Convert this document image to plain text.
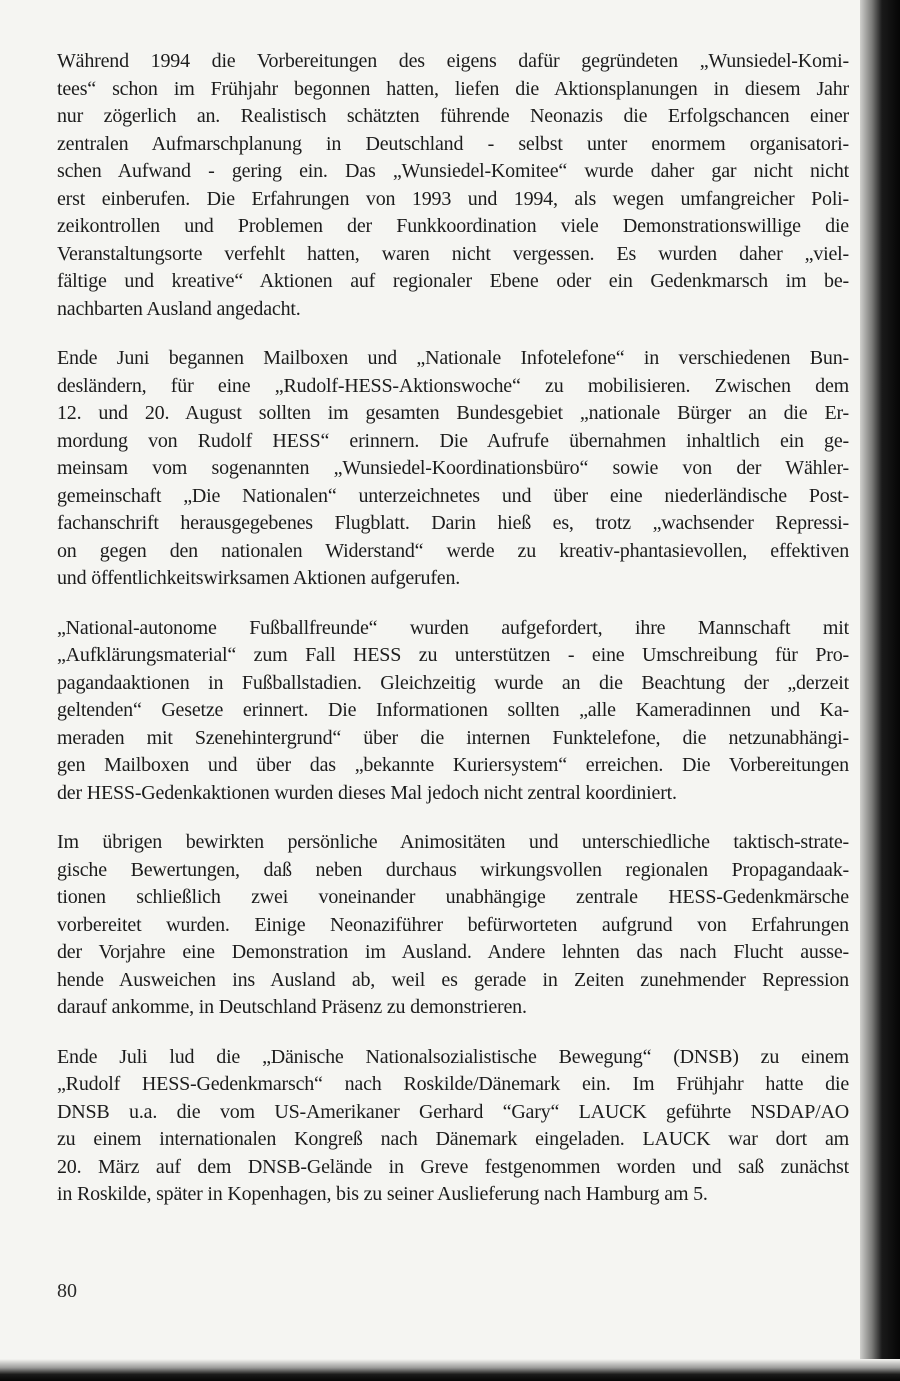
Während 1994 die Vorbereitungen des eigens dafür gegründeten „Wunsiedel-Komi-
tees“ schon im Frühjahr begonnen hatten, liefen die Aktionsplanungen in diesem Jahr
nur zögerlich an. Realistisch schätzten führende Neonazis die Erfolgschancen einer
zentralen Aufmarschplanung in Deutschland - selbst unter enormem organisatori-
schen Aufwand - gering ein. Das „Wunsiedel-Komitee“ wurde daher gar nicht nicht
erst einberufen. Die Erfahrungen von 1993 und 1994, als wegen umfangreicher Poli-
zeikontrollen und Problemen der Funkkoordination viele Demonstrationswillige die
Veranstaltungsorte verfehlt hatten, waren nicht vergessen. Es wurden daher „viel-
fältige und kreative“ Aktionen auf regionaler Ebene oder ein Gedenkmarsch im be-
nachbarten Ausland angedacht.

Ende Juni begannen Mailboxen und „Nationale Infotelefone“ in verschiedenen Bun-
desländern, für eine „Rudolf-HESS-Aktionswoche“ zu mobilisieren. Zwischen dem
12. und 20. August sollten im gesamten Bundesgebiet „nationale Bürger an die Er-
mordung von Rudolf HESS“ erinnern. Die Aufrufe übernahmen inhaltlich ein ge-
meinsam vom sogenannten „Wunsiedel-Koordinationsbüro“ sowie von der Wähler-
gemeinschaft „Die Nationalen“ unterzeichnetes und über eine niederländische Post-
fachanschrift herausgegebenes Flugblatt. Darin hieß es, trotz „wachsender Repressi-
on gegen den nationalen Widerstand“ werde zu kreativ-phantasievollen, effektiven
und öffentlichkeitswirksamen Aktionen aufgerufen.

„National-autonome Fußballfreunde“ wurden aufgefordert, ihre Mannschaft mit
„Aufklärungsmaterial“ zum Fall HESS zu unterstützen - eine Umschreibung für Pro-
pagandaaktionen in Fußballstadien. Gleichzeitig wurde an die Beachtung der „derzeit
geltenden“ Gesetze erinnert. Die Informationen sollten „alle Kameradinnen und Ka-
meraden mit Szenehintergrund“ über die internen Funktelefone, die netzunabhängi-
gen Mailboxen und über das „bekannte Kuriersystem“ erreichen. Die Vorbereitungen
der HESS-Gedenkaktionen wurden dieses Mal jedoch nicht zentral koordiniert.

Im übrigen bewirkten persönliche Animositäten und unterschiedliche taktisch-strate-
gische Bewertungen, daß neben durchaus wirkungsvollen regionalen Propagandaak-
tionen schließlich zwei voneinander unabhängige zentrale HESS-Gedenkmärsche
vorbereitet wurden. Einige Neonaziführer befürworteten aufgrund von Erfahrungen
der Vorjahre eine Demonstration im Ausland. Andere lehnten das nach Flucht ausse-
hende Ausweichen ins Ausland ab, weil es gerade in Zeiten zunehmender Repression
darauf ankomme, in Deutschland Präsenz zu demonstrieren.

Ende Juli lud die „Dänische Nationalsozialistische Bewegung“ (DNSB) zu einem
„Rudolf HESS-Gedenkmarsch“ nach Roskilde/Dänemark ein. Im Frühjahr hatte die
DNSB u.a. die vom US-Amerikaner Gerhard “Gary“ LAUCK geführte NSDAP/AO
zu einem internationalen Kongreß nach Dänemark eingeladen. LAUCK war dort am
20. März auf dem DNSB-Gelände in Greve festgenommen worden und saß zunächst
in Roskilde, später in Kopenhagen, bis zu seiner Auslieferung nach Hamburg am 5.

80
